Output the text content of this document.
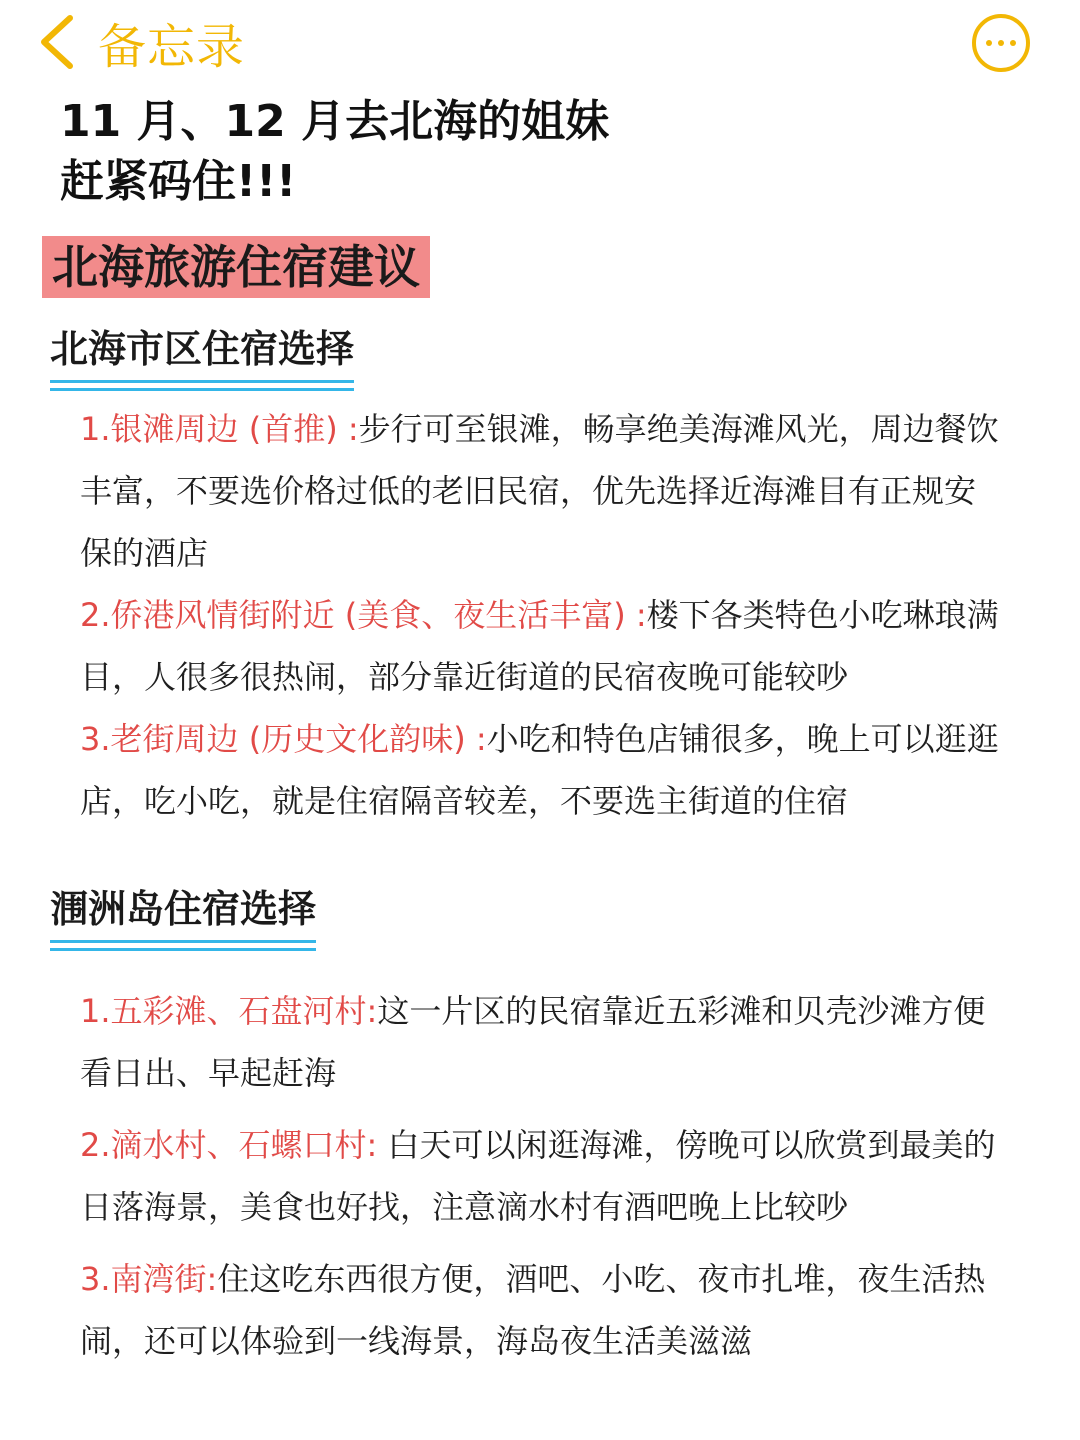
备忘录
11 月、12 月去北海的姐妹
赶紧码住!!!
北海旅游住宿建议
北海市区住宿选择
1.银滩周边 (首推) :步行可至银滩，畅享绝美海滩风光，周边餐饮丰富，不要选价格过低的老旧民宿，优先选择近海滩目有正规安保的酒店
2.侨港风情街附近 (美食、夜生活丰富) :楼下各类特色小吃琳琅满目，人很多很热闹，部分靠近街道的民宿夜晚可能较吵
3.老街周边 (历史文化韵味) :小吃和特色店铺很多，晚上可以逛逛店，吃小吃，就是住宿隔音较差，不要选主街道的住宿
涠洲岛住宿选择
1.五彩滩、石盘河村:这一片区的民宿靠近五彩滩和贝壳沙滩方便看日出、早起赶海
2.滴水村、石螺口村: 白天可以闲逛海滩，傍晚可以欣赏到最美的日落海景，美食也好找，注意滴水村有酒吧晚上比较吵
3.南湾街:住这吃东西很方便，酒吧、小吃、夜市扎堆，夜生活热闹，还可以体验到一线海景，海岛夜生活美滋滋
